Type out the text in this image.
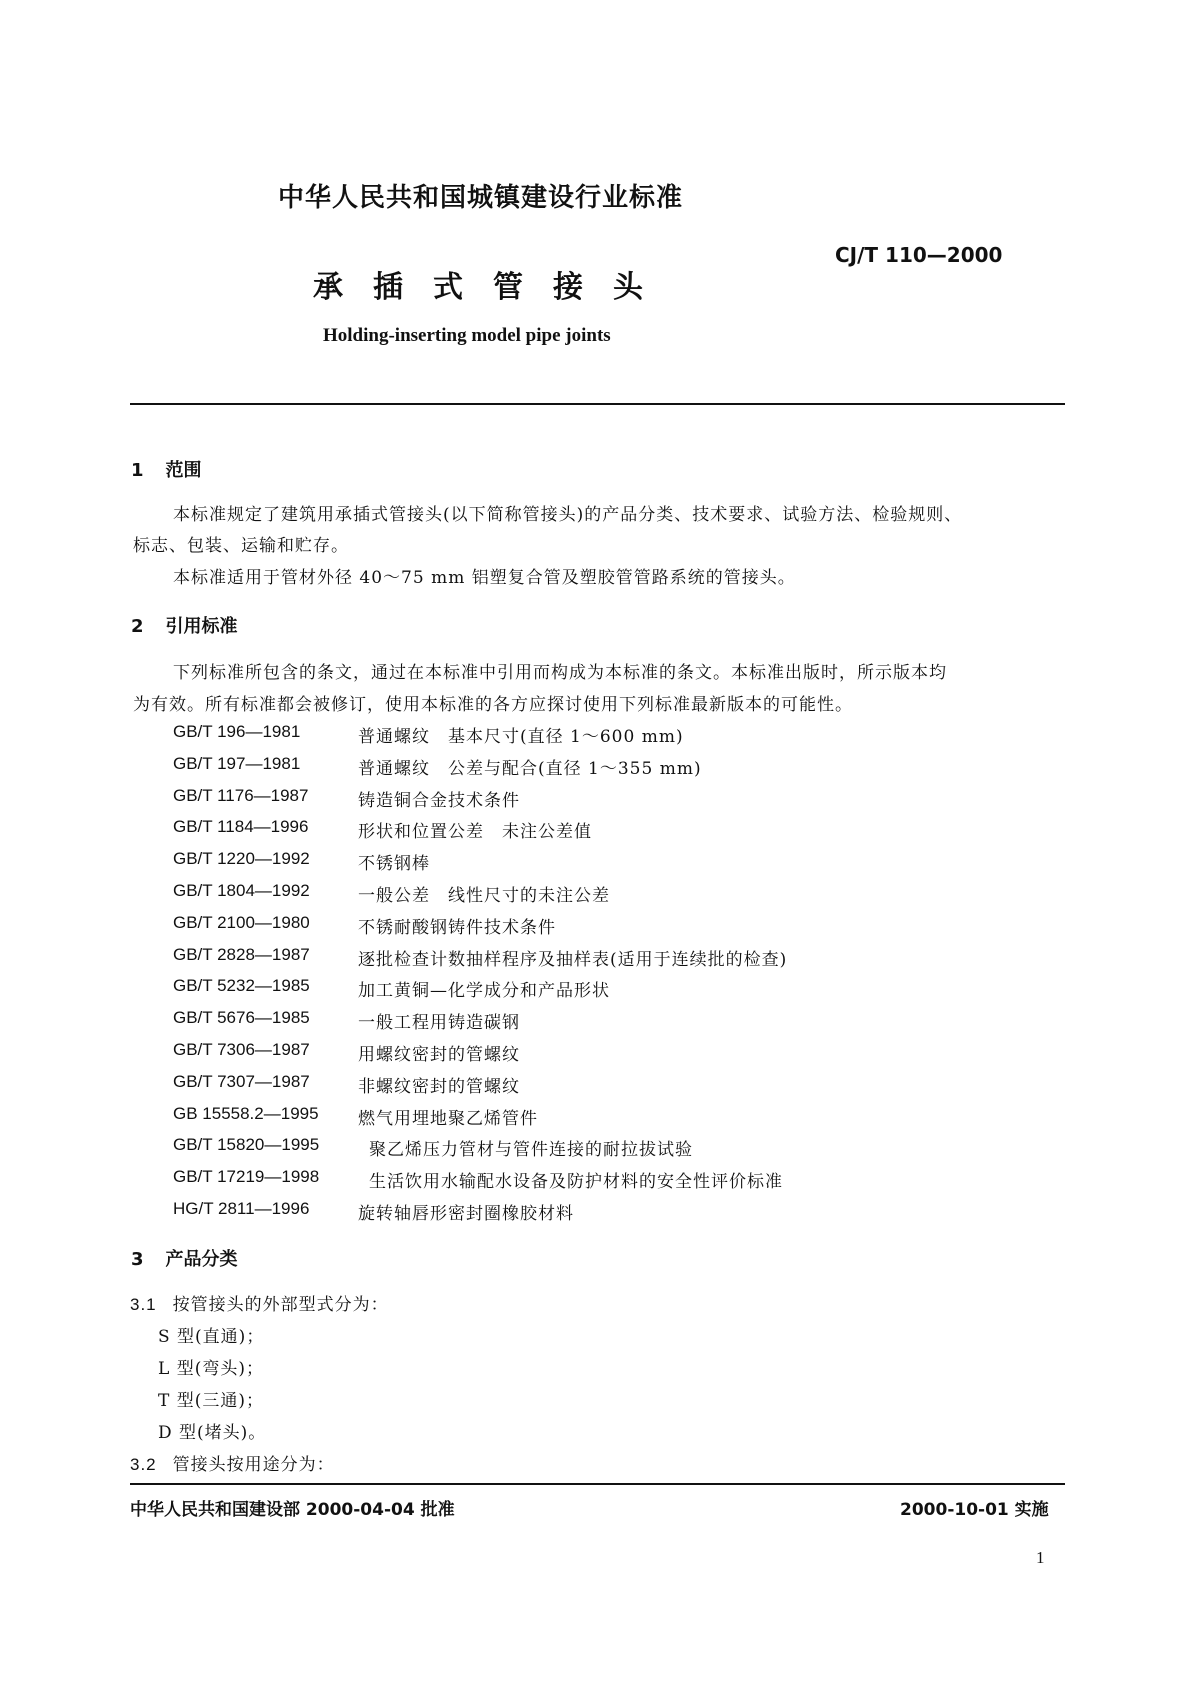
中华人民共和国城镇建设行业标准
CJ/T 110—2000
承插式管接头
Holding-inserting model pipe joints
1 范围
本标准规定了建筑用承插式管接头(以下简称管接头)的产品分类、技术要求、试验方法、检验规则、
标志、包装、运输和贮存。
本标准适用于管材外径 40～75 mm 铝塑复合管及塑胶管管路系统的管接头。
2 引用标准
下列标准所包含的条文，通过在本标准中引用而构成为本标准的条文。本标准出版时，所示版本均
为有效。所有标准都会被修订，使用本标准的各方应探讨使用下列标准最新版本的可能性。
GB/T 196—1981	普通螺纹　基本尺寸(直径 1～600 mm)
GB/T 197—1981	普通螺纹　公差与配合(直径 1～355 mm)
GB/T 1176—1987	铸造铜合金技术条件
GB/T 1184—1996	形状和位置公差　未注公差值
GB/T 1220—1992	不锈钢棒
GB/T 1804—1992	一般公差　线性尺寸的未注公差
GB/T 2100—1980	不锈耐酸钢铸件技术条件
GB/T 2828—1987	逐批检查计数抽样程序及抽样表(适用于连续批的检查)
GB/T 5232—1985	加工黄铜—化学成分和产品形状
GB/T 5676—1985	一般工程用铸造碳钢
GB/T 7306—1987	用螺纹密封的管螺纹
GB/T 7307—1987	非螺纹密封的管螺纹
GB 15558.2—1995 燃气用埋地聚乙烯管件
GB/T 15820—1995	聚乙烯压力管材与管件连接的耐拉拔试验
GB/T 17219—1998	生活饮用水输配水设备及防护材料的安全性评价标准
HG/T 2811—1996	旋转轴唇形密封圈橡胶材料
3 产品分类
3.1 按管接头的外部型式分为：
S 型(直通)；
L 型(弯头)；
T 型(三通)；
D 型(堵头)。
3.2 管接头按用途分为：
中华人民共和国建设部 2000-04-04 批准	2000-10-01 实施
1
